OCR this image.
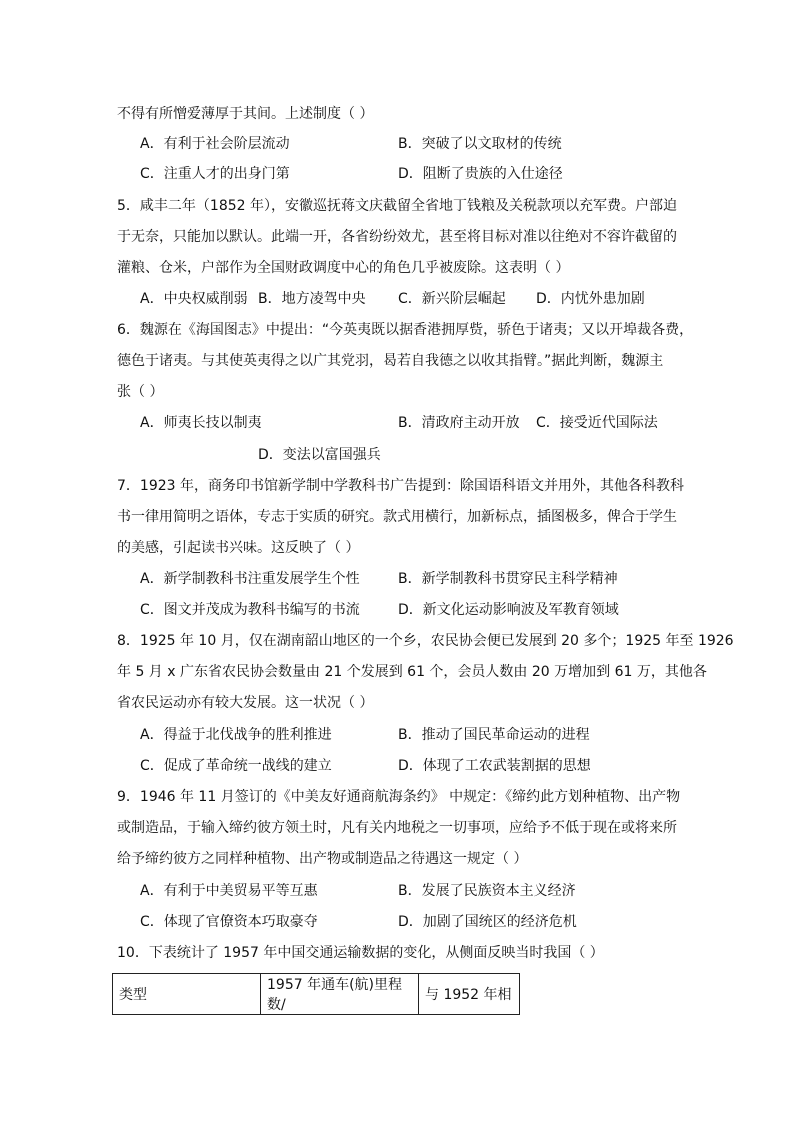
不得有所憎爱薄厚于其间。上述制度（ ）
A．有利于社会阶层流动	B．突破了以文取材的传统
C．注重人才的出身门第	D．阻断了贵族的入仕途径
5．咸丰二年（1852 年），安徽巡抚蒋文庆截留全省地丁钱粮及关税款项以充军费。户部迫
于无奈，只能加以默认。此端一开，各省纷纷效尤，甚至将目标对准以往绝对不容许截留的
灌粮、仓米，户部作为全国财政调度中心的角色几乎被废除。这表明（ ）
A．中央权威削弱 B．地方凌驾中央 C．新兴阶层崛起 D．内忧外患加剧
6．魏源在《海国图志》中提出：“今英夷既以据香港拥厚赀，骄色于诸夷；又以开埠裁各费，
德色于诸夷。与其使英夷得之以广其党羽，曷若自我德之以收其指臂。”据此判断，魏源主
张（ ）
A．师夷长技以制夷	B．清政府主动开放 C．接受近代国际法
D．变法以富国强兵
7．1923 年，商务印书馆新学制中学教科书广告提到：除国语科语文并用外，其他各科教科
书一律用简明之语体，专志于实质的研究。款式用横行，加新标点，插图极多，俾合于学生
的美感，引起读书兴味。这反映了（ ）
A．新学制教科书注重发展学生个性	B．新学制教科书贯穿民主科学精神
C．图文并茂成为教科书编写的书流	D．新文化运动影响波及军教育领域
8．1925 年 10 月，仅在湖南韶山地区的一个乡，农民协会便已发展到 20 多个；1925 年至 1926
年 5 月 x 广东省农民协会数量由 21 个发展到 61 个，会员人数由 20 万增加到 61 万，其他各
省农民运动亦有较大发展。这一状况（ ）
A．得益于北伐战争的胜利推进	B．推动了国民革命运动的进程
C．促成了革命统一战线的建立	D．体现了工农武装割据的思想
9．1946 年 11 月签订的《中美友好通商航海条约》 中规定：《缔约此方划种植物、出产物
或制造品，于输入缔约彼方领土时，凡有关内地税之一切事项，应给予不低于现在或将来所
给予缔约彼方之同样种植物、出产物或制造品之待遇这一规定（ ）
A．有利于中美贸易平等互惠	B．发展了民族资本主义经济
C．体现了官僚资本巧取豪夺	D．加剧了国统区的经济危机
10．下表统计了 1957 年中国交通运输数据的变化，从侧面反映当时我国（ ）
类型	1957 年通车(航)里程数/	与 1952 年相
